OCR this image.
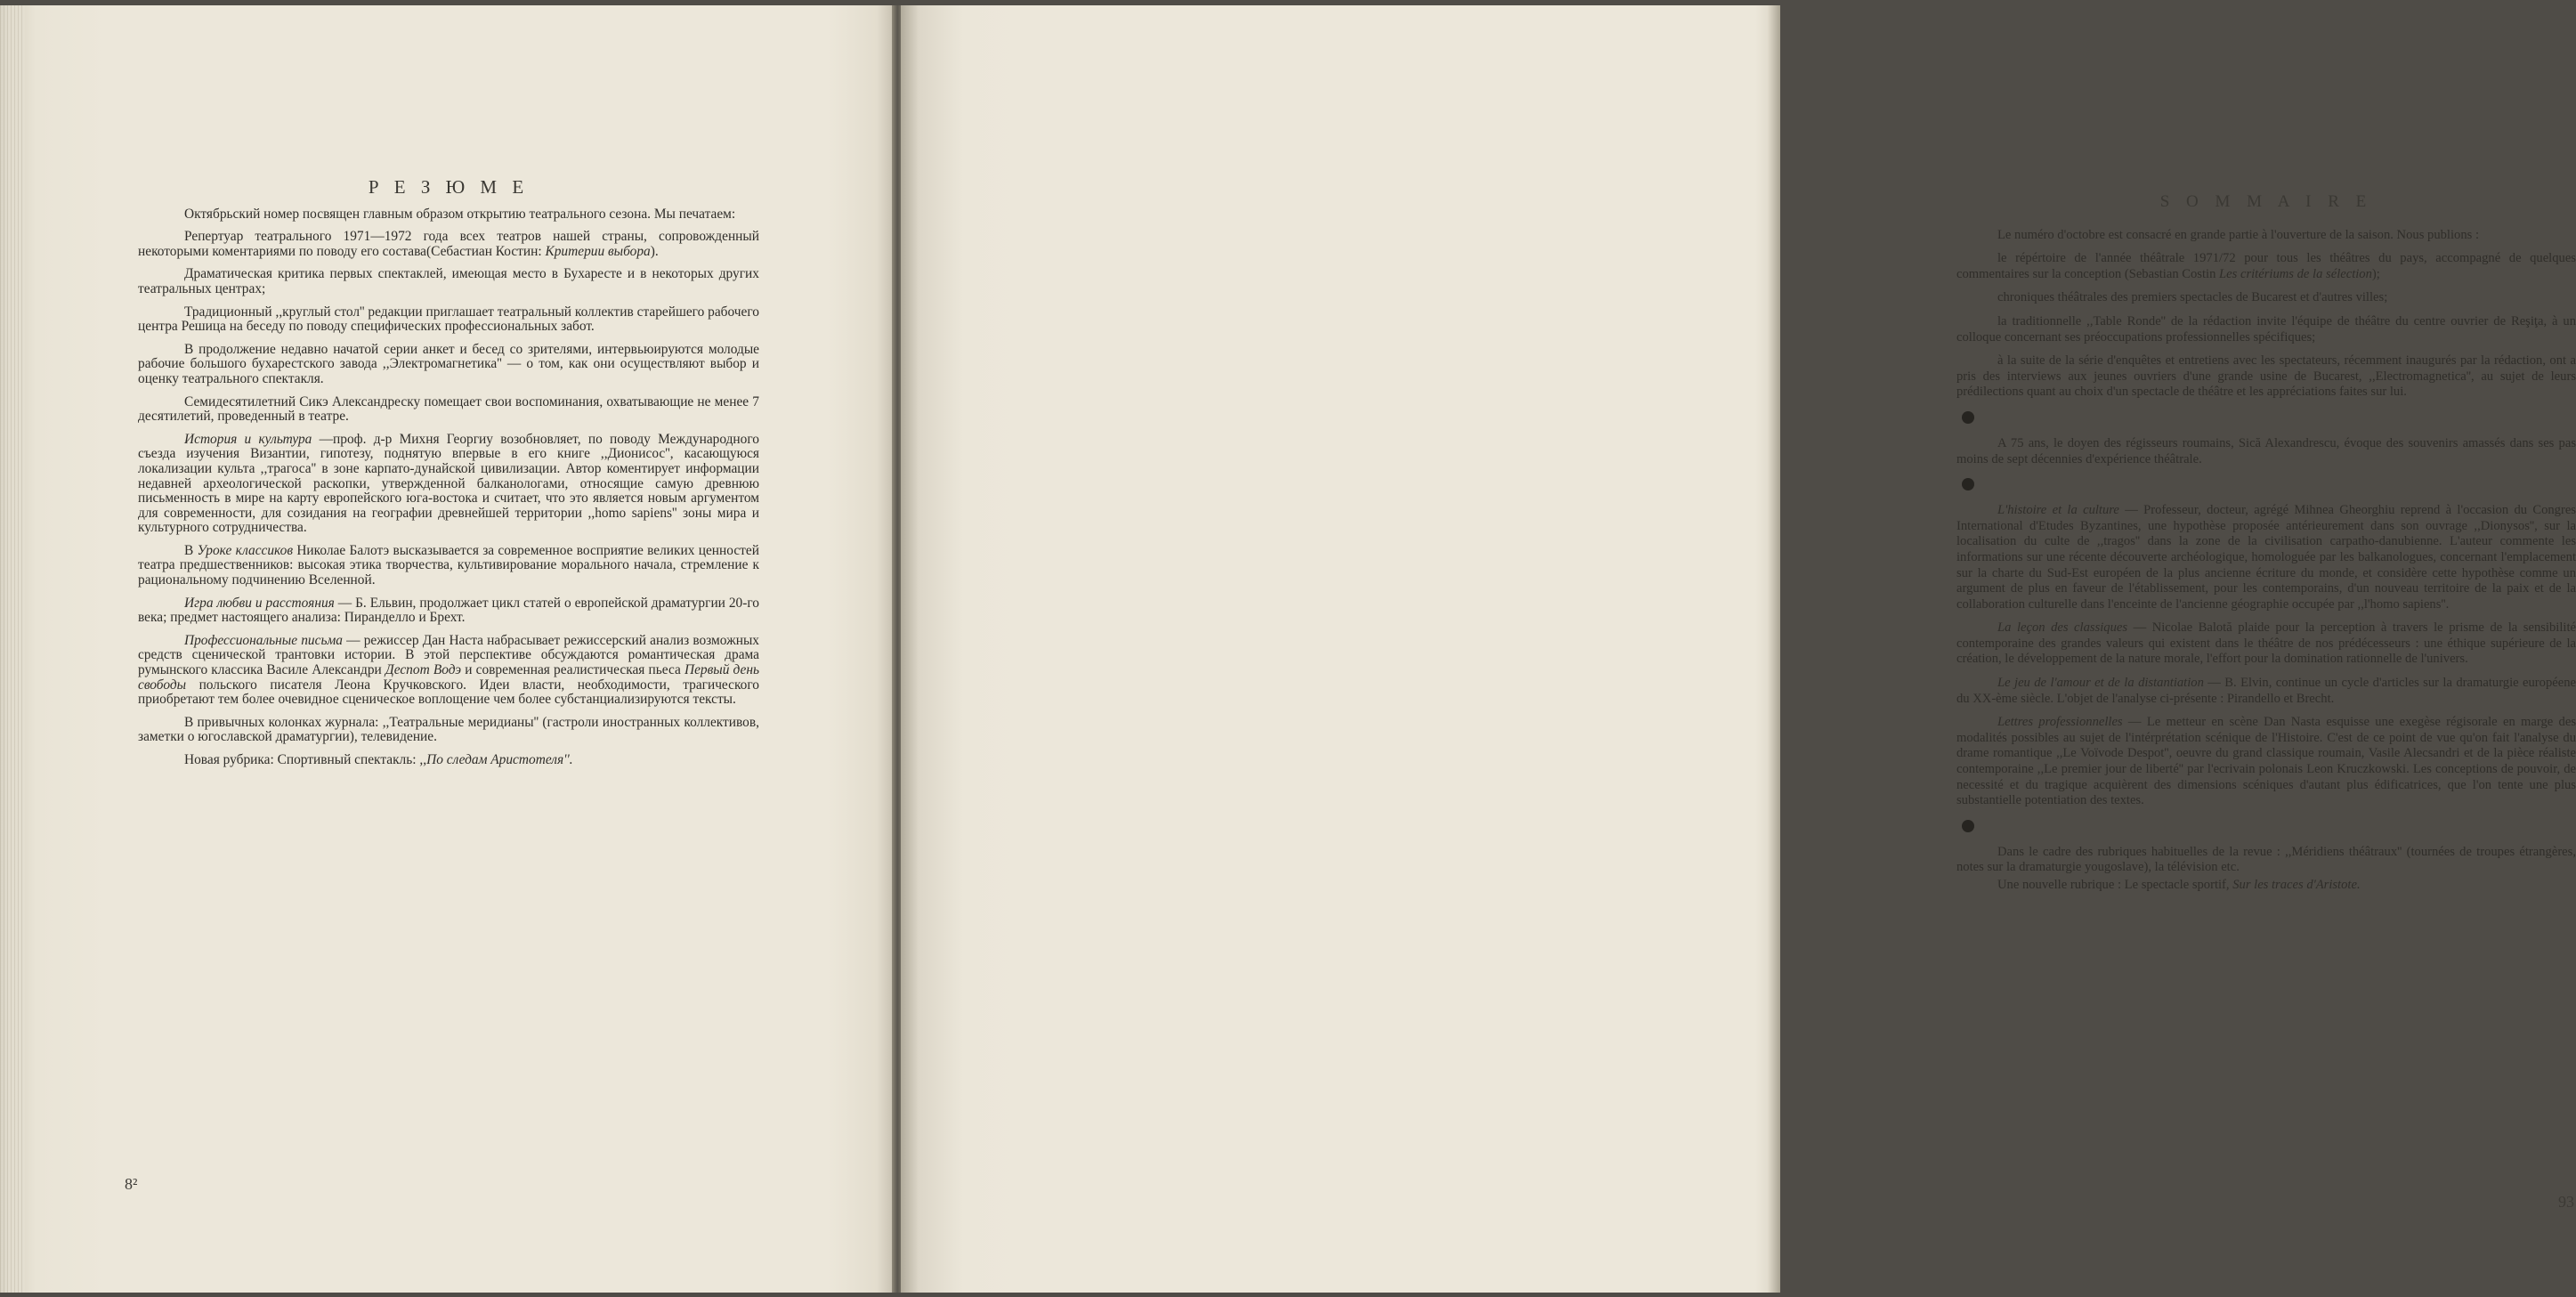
Р Е З Ю М Е

Октябрьский номер посвящен главным образом открытию театрального сезона. Мы печатаем:

Репертуар театрального 1971—1972 года всех театров нашей страны, сопровожденный некоторыми коментариями по поводу его состава(Себастиан Костин: Критерии выбора).

Драматическая критика первых спектаклей, имеющая место в Бухаресте и в некоторых других театральных центрах;

Традиционный ,,круглый стол'' редакции приглашает театральный коллектив старейшего рабочего центра Решица на беседу по поводу специфических профессиональных забот.

В продолжение недавно начатой серии анкет и бесед со зрителями, интервьюируются молодые рабочие большого бухарестского завода ,,Электромагнетика'' — о том, как они осуществляют выбор и оценку театрального спектакля.

Семидесятилетний Сикэ Александреску помещает свои воспоминания, охватывающие не менее 7 десятилетий, проведенный в театре.

История и культура —проф. д-р Михня Георгиу возобновляет, по поводу Международного съезда изучения Византии, гипотезу, поднятую впервые в его книге ,,Дионисос'', касающуюся локализации культа ,,трагоса'' в зоне карпато-дунайской цивилизации. Автор коментирует информации недавней археологической раскопки, утвержденной балканологами, относящие самую древнюю письменность в мире на карту европейского юга-востока и считает, что это является новым аргументом для современности, для созидания на географии древнейшей территории ,,homo sapiens'' зоны мира и культурного сотрудничества.

В Уроке классиков Николае Балотэ высказывается за современное восприятие великих ценностей театра предшественников: высокая этика творчества, культивирование морального начала, стремление к рациональному подчинению Вселенной.

Игра любви и расстояния — Б. Ельвин, продолжает цикл статей о европейской драматургии 20-го века; предмет настоящего анализа: Пиранделло и Брехт.

Профессиональные письма — режиссер Дан Наста набрасывает режиссерский анализ возможных средств сценической трантовки истории. В этой перспективе обсуждаются романтическая драма румынского классика Василе Александри Деспот Водэ и современная реалистическая пьеса Первый день свободы польского писателя Леона Кручковского. Идеи власти, необходимости, трагического приобретают тем более очевидное сценическое воплощение чем более субстанциализируются тексты.

В привычных колонках журнала: ,,Театральные меридианы'' (гастроли иностранных коллективов, заметки о югославской драматургии), телевидение.

Новая рубрика: Спортивный спектакль: ,,По следам Аристотеля''.

8²
S O M M A I R E

Le numéro d'octobre est consacré en grande partie à l'ouverture de la saison. Nous publions :

le répértoire de l'année théâtrale 1971/72 pour tous les théâtres du pays, accompagné de quelques commentaires sur la conception (Sebastian Costin Les critériums de la sélection);

chroniques théâtrales des premiers spectacles de Bucarest et d'autres villes;

la traditionnelle ,,Table Ronde'' de la rédaction invite l'équipe de théâtre du centre ouvrier de Reşiţa, à un colloque concernant ses préoccupations professionnelles spécifiques;

à la suite de la série d'enquêtes et entretiens avec les spectateurs, récemment inaugurés par la rédaction, ont a pris des interviews aux jeunes ouvriers d'une grande usine de Bucarest, ,,Electromagnetica'', au sujet de leurs prédilections quant au choix d'un spectacle de théâtre et les appréciations faites sur lui.

A 75 ans, le doyen des régisseurs roumains, Sică Alexandrescu, évoque des souvenirs amassés dans ses pas moins de sept décennies d'expérience théâtrale.

L'histoire et la culture — Professeur, docteur, agrégé Mihnea Gheorghiu reprend à l'occasion du Congres International d'Etudes Byzantines, une hypothèse proposée antérieurement dans son ouvrage ,,Dionysos'', sur la localisation du culte de ,,tragos'' dans la zone de la civilisation carpatho-danubienne. L'auteur commente les informations sur une récente découverte archéologique, homologuée par les balkanologues, concernant l'emplacement sur la charte du Sud-Est européen de la plus ancienne écriture du monde, et considère cette hypothèse comme un argument de plus en faveur de l'établissement, pour les contemporains, d'un nouveau territoire de la paix et de la collaboration culturelle dans l'enceinte de l'ancienne géographie occupée par ,,l'homo sapiens''.

La leçon des classiques — Nicolae Balotă plaide pour la perception à travers le prisme de la sensibilité contemporaine des grandes valeurs qui existent dans le théâtre de nos prédécesseurs : une éthique supérieure de la création, le développement de la nature morale, l'effort pour la domination rationnelle de l'univers.

Le jeu de l'amour et de la distantiation — B. Elvin, continue un cycle d'articles sur la dramaturgie européene du XX-ème siècle. L'objet de l'analyse ci-présente : Pirandello et Brecht.

Lettres professionnelles — Le metteur en scène Dan Nasta esquisse une exegèse régisorale en marge des modalités possibles au sujet de l'intérprétation scénique de l'Histoire. C'est de ce point de vue qu'on fait l'analyse du drame romantique ,,Le Voïvode Despot'', oeuvre du grand classique roumain, Vasile Alecsandri et de la pièce réaliste contemporaine ,,Le premier jour de liberté'' par l'ecrivain polonais Leon Kruczkowski. Les conceptions de pouvoir, de necessité et du tragique acquièrent des dimensions scéniques d'autant plus édificatrices, que l'on tente une plus substantielle potentiation des textes.

Dans le cadre des rubriques habituelles de la revue : ,,Méridiens théâtraux'' (tournées de troupes étrangères, notes sur la dramaturgie yougoslave), la télévision etc.

Une nouvelle rubrique : Le spectacle sportif, Sur les traces d'Aristote.

93
